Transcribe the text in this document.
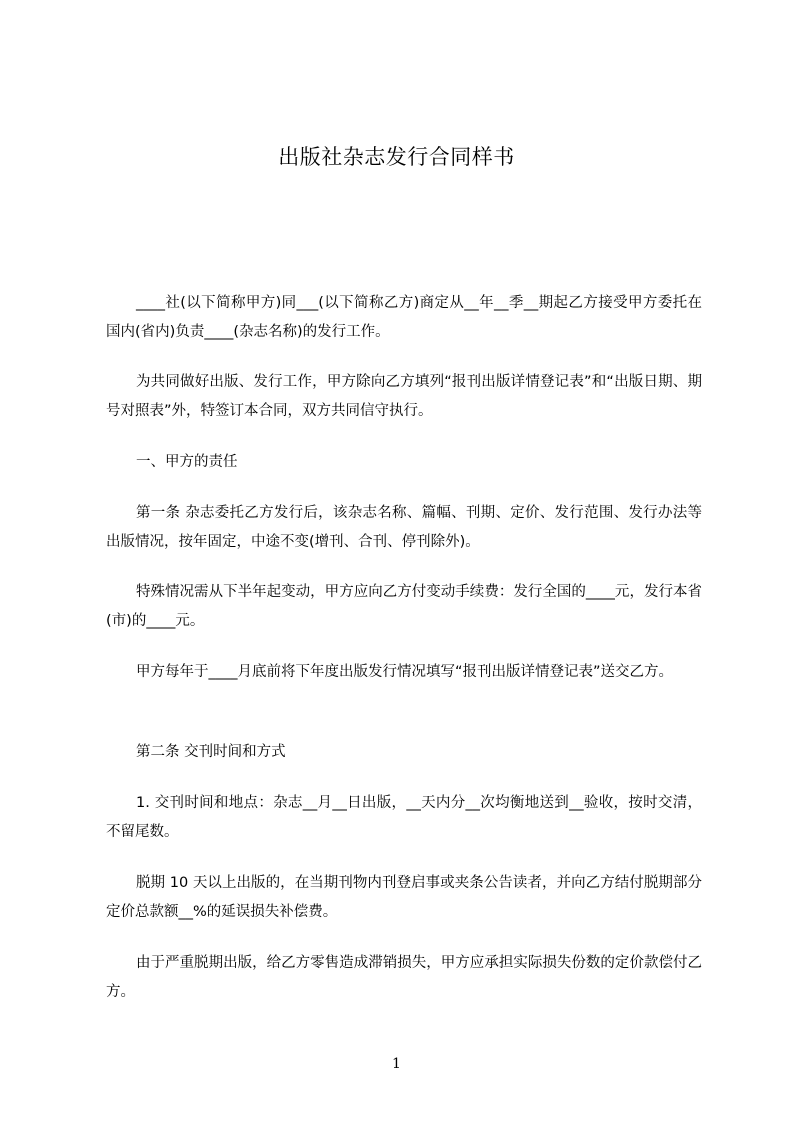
出版社杂志发行合同样书
____社(以下简称甲方)同___(以下简称乙方)商定从__年__季__期起乙方接受甲方委托在国内(省内)负责____(杂志名称)的发行工作。
为共同做好出版、发行工作，甲方除向乙方填列“报刊出版详情登记表”和“出版日期、期号对照表”外，特签订本合同，双方共同信守执行。
一、甲方的责任
第一条 杂志委托乙方发行后，该杂志名称、篇幅、刊期、定价、发行范围、发行办法等出版情况，按年固定，中途不变(增刊、合刊、停刊除外)。
特殊情况需从下半年起变动，甲方应向乙方付变动手续费：发行全国的____元，发行本省(市)的____元。
甲方每年于____月底前将下年度出版发行情况填写“报刊出版详情登记表”送交乙方。
第二条 交刊时间和方式
1. 交刊时间和地点：杂志__月__日出版，__天内分__次均衡地送到__验收，按时交清，不留尾数。
脱期 10 天以上出版的，在当期刊物内刊登启事或夹条公告读者，并向乙方结付脱期部分定价总款额__%的延误损失补偿费。
由于严重脱期出版，给乙方零售造成滞销损失，甲方应承担实际损失份数的定价款偿付乙方。
1
